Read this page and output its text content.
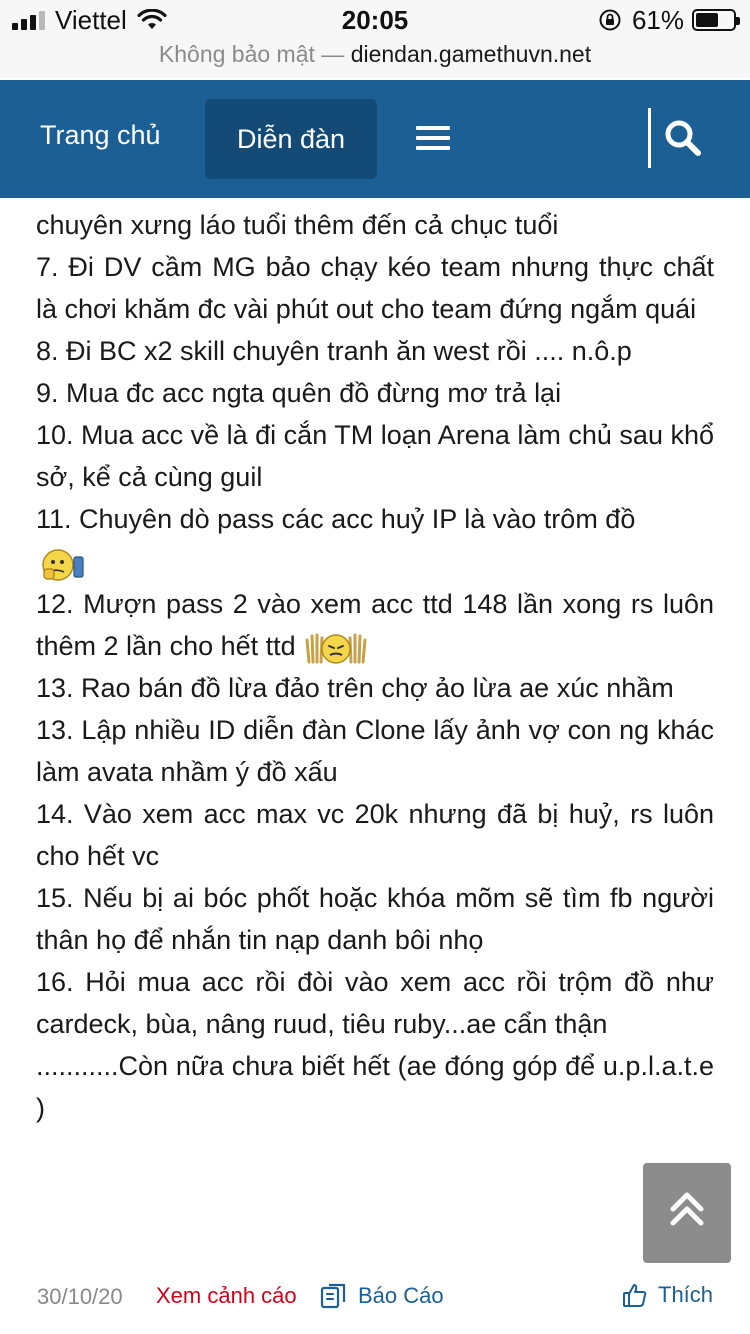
Viettel	20:05	61%
Không bảo mật — diendan.gamethuvn.net
Trang chủ	Diễn đàn

chuyên xưng láo tuổi thêm đến cả chục tuổi

7. Đi DV cầm MG bảo chạy kéo team nhưng thực chất là chơi khăm đc vài phút out cho team đứng ngắm quái

8. Đi BC x2 skill chuyên tranh ăn west rồi .... n.ô.p

9. Mua đc acc ngta quên đồ đừng mơ trả lại

10. Mua acc về là đi cắn TM loạn Arena làm chủ sau khổ sở, kể cả cùng guil

11. Chuyên dò pass các acc huỷ IP là vào trôm đồ

12. Mượn pass 2 vào xem acc ttd 148 lần xong rs luôn thêm 2 lần cho hết ttd

13. Rao bán đồ lừa đảo trên chợ ảo lừa ae xúc nhầm

13. Lập nhiều ID diễn đàn Clone lấy ảnh vợ con ng khác làm avata nhầm ý đồ xấu

14. Vào xem acc max vc 20k nhưng đã bị huỷ, rs luôn cho hết vc

15. Nếu bị ai bóc phốt hoặc khóa mõm sẽ tìm fb người thân họ để nhắn tin nạp danh bôi nhọ

16. Hỏi mua acc rồi đòi vào xem acc rồi trộm đồ như cardeck, bùa, nâng ruud, tiêu ruby...ae cẩn thận

...........Còn nữa chưa biết hết (ae đóng góp để u.p.l.a.t.e )

30/10/20 Xem cảnh cáo	Báo Cáo	Thích
